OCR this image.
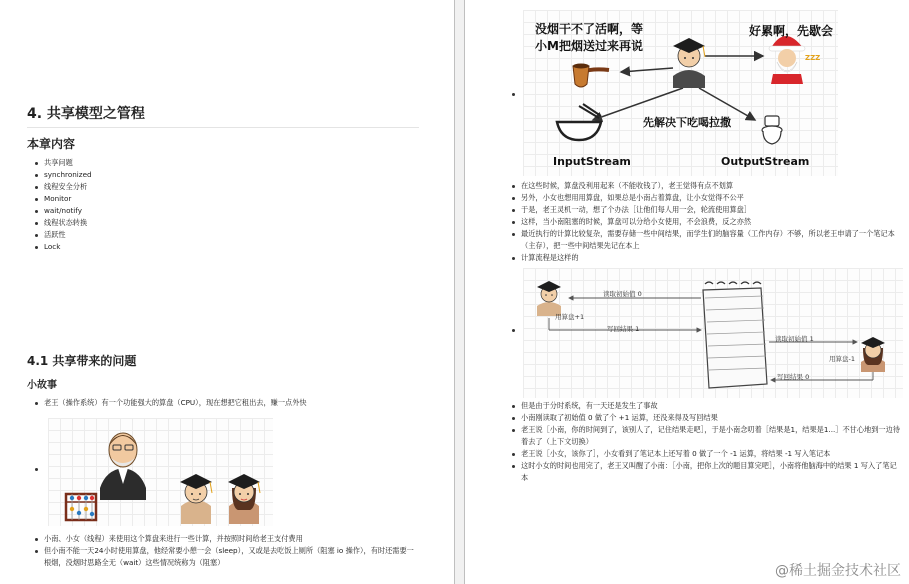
4. 共享模型之管程
本章内容
共享问题
synchronized
线程安全分析
Monitor
wait/notify
线程状态转换
活跃性
Lock
4.1 共享带来的问题
小故事
老王（操作系统）有一个功能强大的算盘（CPU），现在想把它租出去，赚一点外快
小南、小女（线程）来使用这个算盘来进行一些计算，并按照时间给老王支付费用
但小南不能一天24小时使用算盘，他经常要小憩一会（sleep），又或是去吃饭上厕所（阻塞 io 操作），有时还需要一根烟，没烟时思路全无（wait）这些情况统称为（阻塞）
没烟干不了活啊，等
小M把烟送过来再说
好累啊，先歇会
ZZZ
先解决下吃喝拉撒
InputStream	OutputStream
在这些时候，算盘没利用起来（不能收钱了），老王觉得有点不划算
另外，小女也想用用算盘，如果总是小南占着算盘，让小女觉得不公平
于是，老王灵机一动，想了个办法［让他们每人用一会，轮流使用算盘］
这样，当小南阻塞的时候，算盘可以分给小女使用，不会浪费，反之亦然
最近执行的计算比较复杂，需要存储一些中间结果，而学生们的脑容量（工作内存）不够，所以老王申请了一个笔记本（主存），把一些中间结果先记在本上
计算流程是这样的
读取初始值 0
用算盘+1
写回结果 1
读取初始值 1
用算盘-1
写回结果 0
但是由于分时系统，有一天还是发生了事故
小南刚读取了初始值 0 做了个 +1 运算，还没来得及写回结果
老王说［小南，你的时间到了，该别人了，记住结果走吧］，于是小南念叨着［结果是1，结果是1...］不甘心地到一边待着去了（上下文切换）
老王说［小女，该你了］，小女看到了笔记本上还写着 0 做了一个 -1 运算，将结果 -1 写入笔记本
这时小女的时间也用完了，老王又叫醒了小南：［小南，把你上次的题目算完吧］，小南将他脑海中的结果 1 写入了笔记本
@稀土掘金技术社区
